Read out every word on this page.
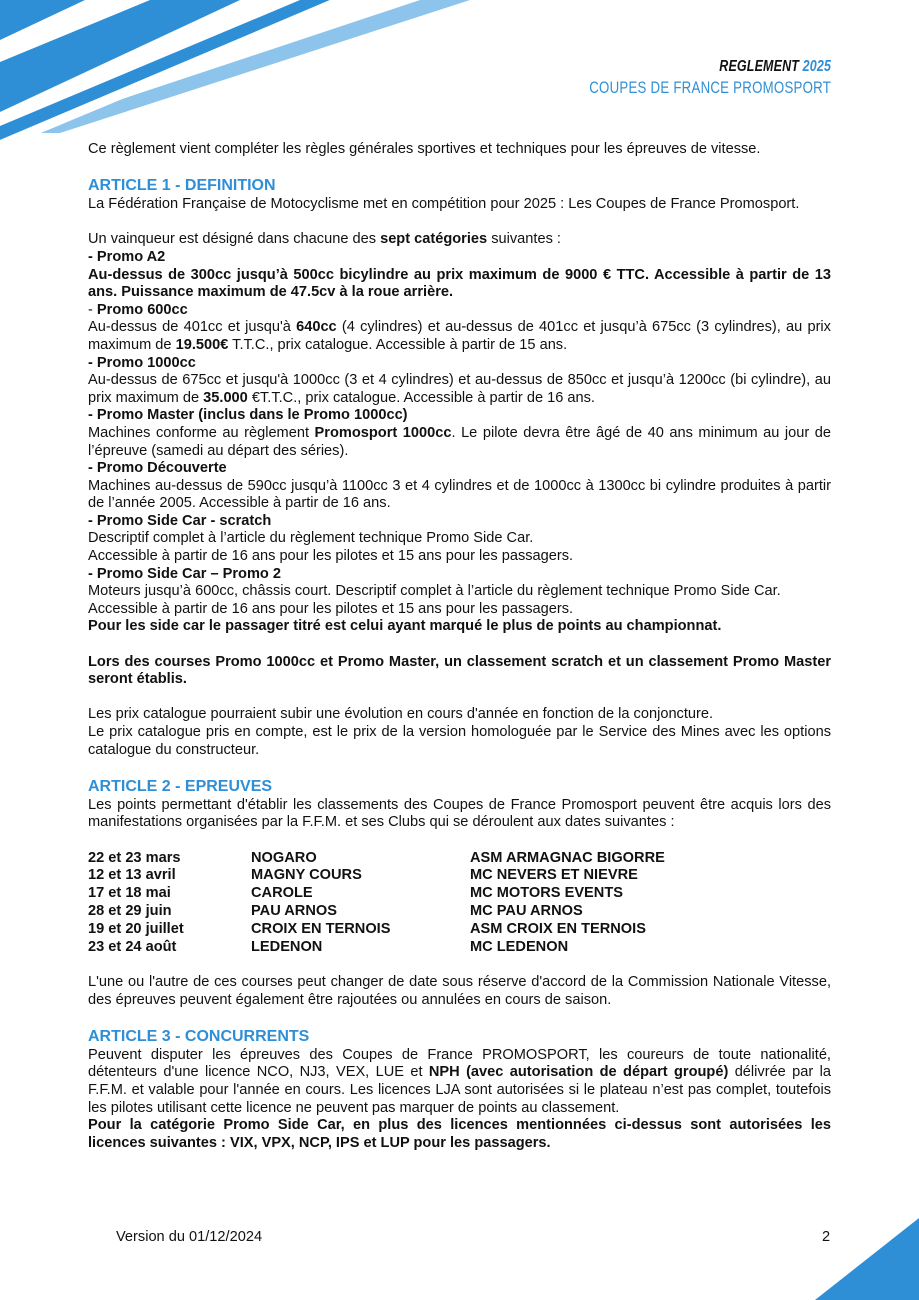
REGLEMENT 2025
COUPES DE FRANCE PROMOSPORT

Ce règlement vient compléter les règles générales sportives et techniques pour les épreuves de vitesse.

ARTICLE 1 - DEFINITION

La Fédération Française de Motocyclisme met en compétition pour 2025 : Les Coupes de France Promosport.

Un vainqueur est désigné dans chacune des sept catégories suivantes :

- Promo A2

Au-dessus de 300cc jusqu’à 500cc bicylindre au prix maximum de 9000 € TTC. Accessible à partir de 13 ans. Puissance maximum de 47.5cv à la roue arrière.

- Promo 600cc

Au-dessus de 401cc et jusqu'à 640cc (4 cylindres) et au-dessus de 401cc et jusqu’à 675cc (3 cylindres), au prix maximum de 19.500€ T.T.C., prix catalogue. Accessible à partir de 15 ans.

- Promo 1000cc

Au-dessus de 675cc et jusqu'à 1000cc (3 et 4 cylindres) et au-dessus de 850cc et jusqu’à 1200cc (bi cylindre), au prix maximum de 35.000 €T.T.C., prix catalogue. Accessible à partir de 16 ans.

- Promo Master (inclus dans le Promo 1000cc)

Machines conforme au règlement Promosport 1000cc. Le pilote devra être âgé de 40 ans minimum au jour de l’épreuve (samedi au départ des séries).

- Promo Découverte

Machines au-dessus de 590cc jusqu’à 1100cc 3 et 4 cylindres et de 1000cc à 1300cc bi cylindre produites à partir de l’année 2005. Accessible à partir de 16 ans.

- Promo Side Car - scratch

Descriptif complet à l’article du règlement technique Promo Side Car.

Accessible à partir de 16 ans pour les pilotes et 15 ans pour les passagers.

- Promo Side Car – Promo 2

Moteurs jusqu’à 600cc, châssis court. Descriptif complet à l’article du règlement technique Promo Side Car.

Accessible à partir de 16 ans pour les pilotes et 15 ans pour les passagers.

Pour les side car le passager titré est celui ayant marqué le plus de points au championnat.

Lors des courses Promo 1000cc et Promo Master, un classement scratch et un classement Promo Master seront établis.

Les prix catalogue pourraient subir une évolution en cours d'année en fonction de la conjoncture.

Le prix catalogue pris en compte, est le prix de la version homologuée par le Service des Mines avec les options catalogue du constructeur.

ARTICLE 2 - EPREUVES

Les points permettant d'établir les classements des Coupes de France Promosport peuvent être acquis lors des manifestations organisées par la F.F.M. et ses Clubs qui se déroulent aux dates suivantes :

22 et 23 mars	NOGARO	ASM ARMAGNAC BIGORRE
12 et 13 avril	MAGNY COURS	MC NEVERS ET NIEVRE
17 et 18 mai	CAROLE	MC MOTORS EVENTS
28 et 29 juin	PAU ARNOS	MC PAU ARNOS
19 et 20 juillet	CROIX EN TERNOIS	ASM CROIX EN TERNOIS
23 et 24 août	LEDENON	MC LEDENON

L'une ou l'autre de ces courses peut changer de date sous réserve d'accord de la Commission Nationale Vitesse, des épreuves peuvent également être rajoutées ou annulées en cours de saison.

ARTICLE 3 - CONCURRENTS

Peuvent disputer les épreuves des Coupes de France PROMOSPORT, les coureurs de toute nationalité, détenteurs d'une licence NCO, NJ3, VEX, LUE et NPH (avec autorisation de départ groupé) délivrée par la F.F.M. et valable pour l'année en cours. Les licences LJA sont autorisées si le plateau n’est pas complet, toutefois les pilotes utilisant cette licence ne peuvent pas marquer de points au classement.

Pour la catégorie Promo Side Car, en plus des licences mentionnées ci-dessus sont autorisées les licences suivantes : VIX, VPX, NCP, IPS et LUP pour les passagers.

Version du 01/12/2024	2
